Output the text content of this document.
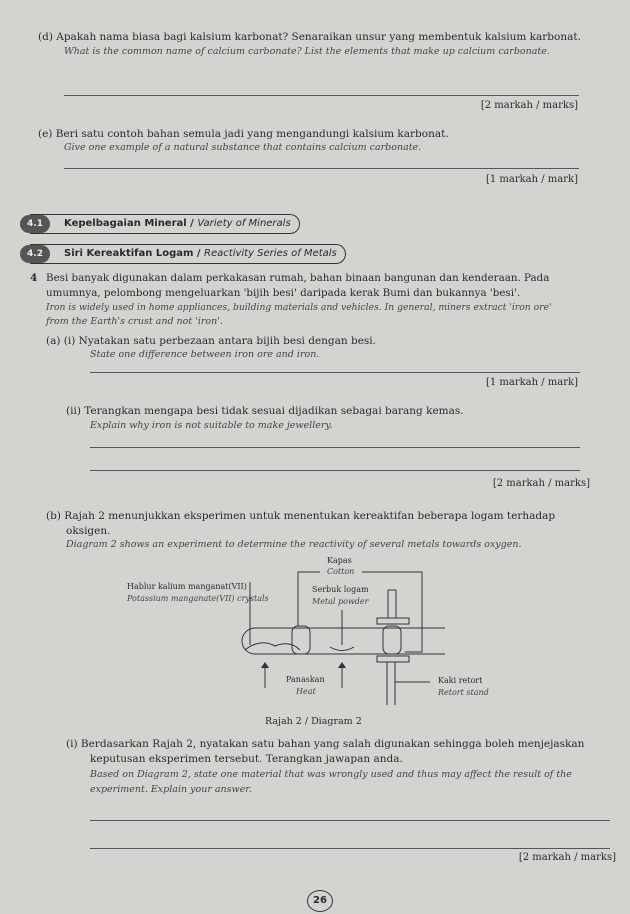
(d) Apakah nama biasa bagi kalsium karbonat? Senaraikan unsur yang membentuk kalsium karbonat.
What is the common name of calcium carbonate? List the elements that make up calcium carbonate.
[2 markah / marks]
(e) Beri satu contoh bahan semula jadi yang mengandungi kalsium karbonat.
Give one example of a natural substance that contains calcium carbonate.
[1 markah / mark]
4.1	Kepelbagaian Mineral / Variety of Minerals
4.2	Siri Kereaktifan Logam / Reactivity Series of Metals
4 Besi banyak digunakan dalam perkakasan rumah, bahan binaan bangunan dan kenderaan. Pada
umumnya, pelombong mengeluarkan 'bijih besi' daripada kerak Bumi dan bukannya 'besi'.
Iron is widely used in home appliances, building materials and vehicles. In general, miners extract 'iron ore'
from the Earth's crust and not 'iron'.
(a) (i) Nyatakan satu perbezaan antara bijih besi dengan besi.
State one difference between iron ore and iron.
[1 markah / mark]
(ii) Terangkan mengapa besi tidak sesuai dijadikan sebagai barang kemas.
Explain why iron is not suitable to make jewellery.
[2 markah / marks]
(b) Rajah 2 menunjukkan eksperimen untuk menentukan kereaktifan beberapa logam terhadap
oksigen.
Diagram 2 shows an experiment to determine the reactivity of several metals towards oxygen.
Kapas
Cotton
Hablur kalium manganat(VII)
Potassium manganate(VII) crystals
Serbuk logam
Metal powder
Panaskan
Heat
Kaki retort
Retort stand
Rajah 2 / Diagram 2
(i) Berdasarkan Rajah 2, nyatakan satu bahan yang salah digunakan sehingga boleh menjejaskan
keputusan eksperimen tersebut. Terangkan jawapan anda.
Based on Diagram 2, state one material that was wrongly used and thus may affect the result of the
experiment. Explain your answer.
[2 markah / marks]
26
